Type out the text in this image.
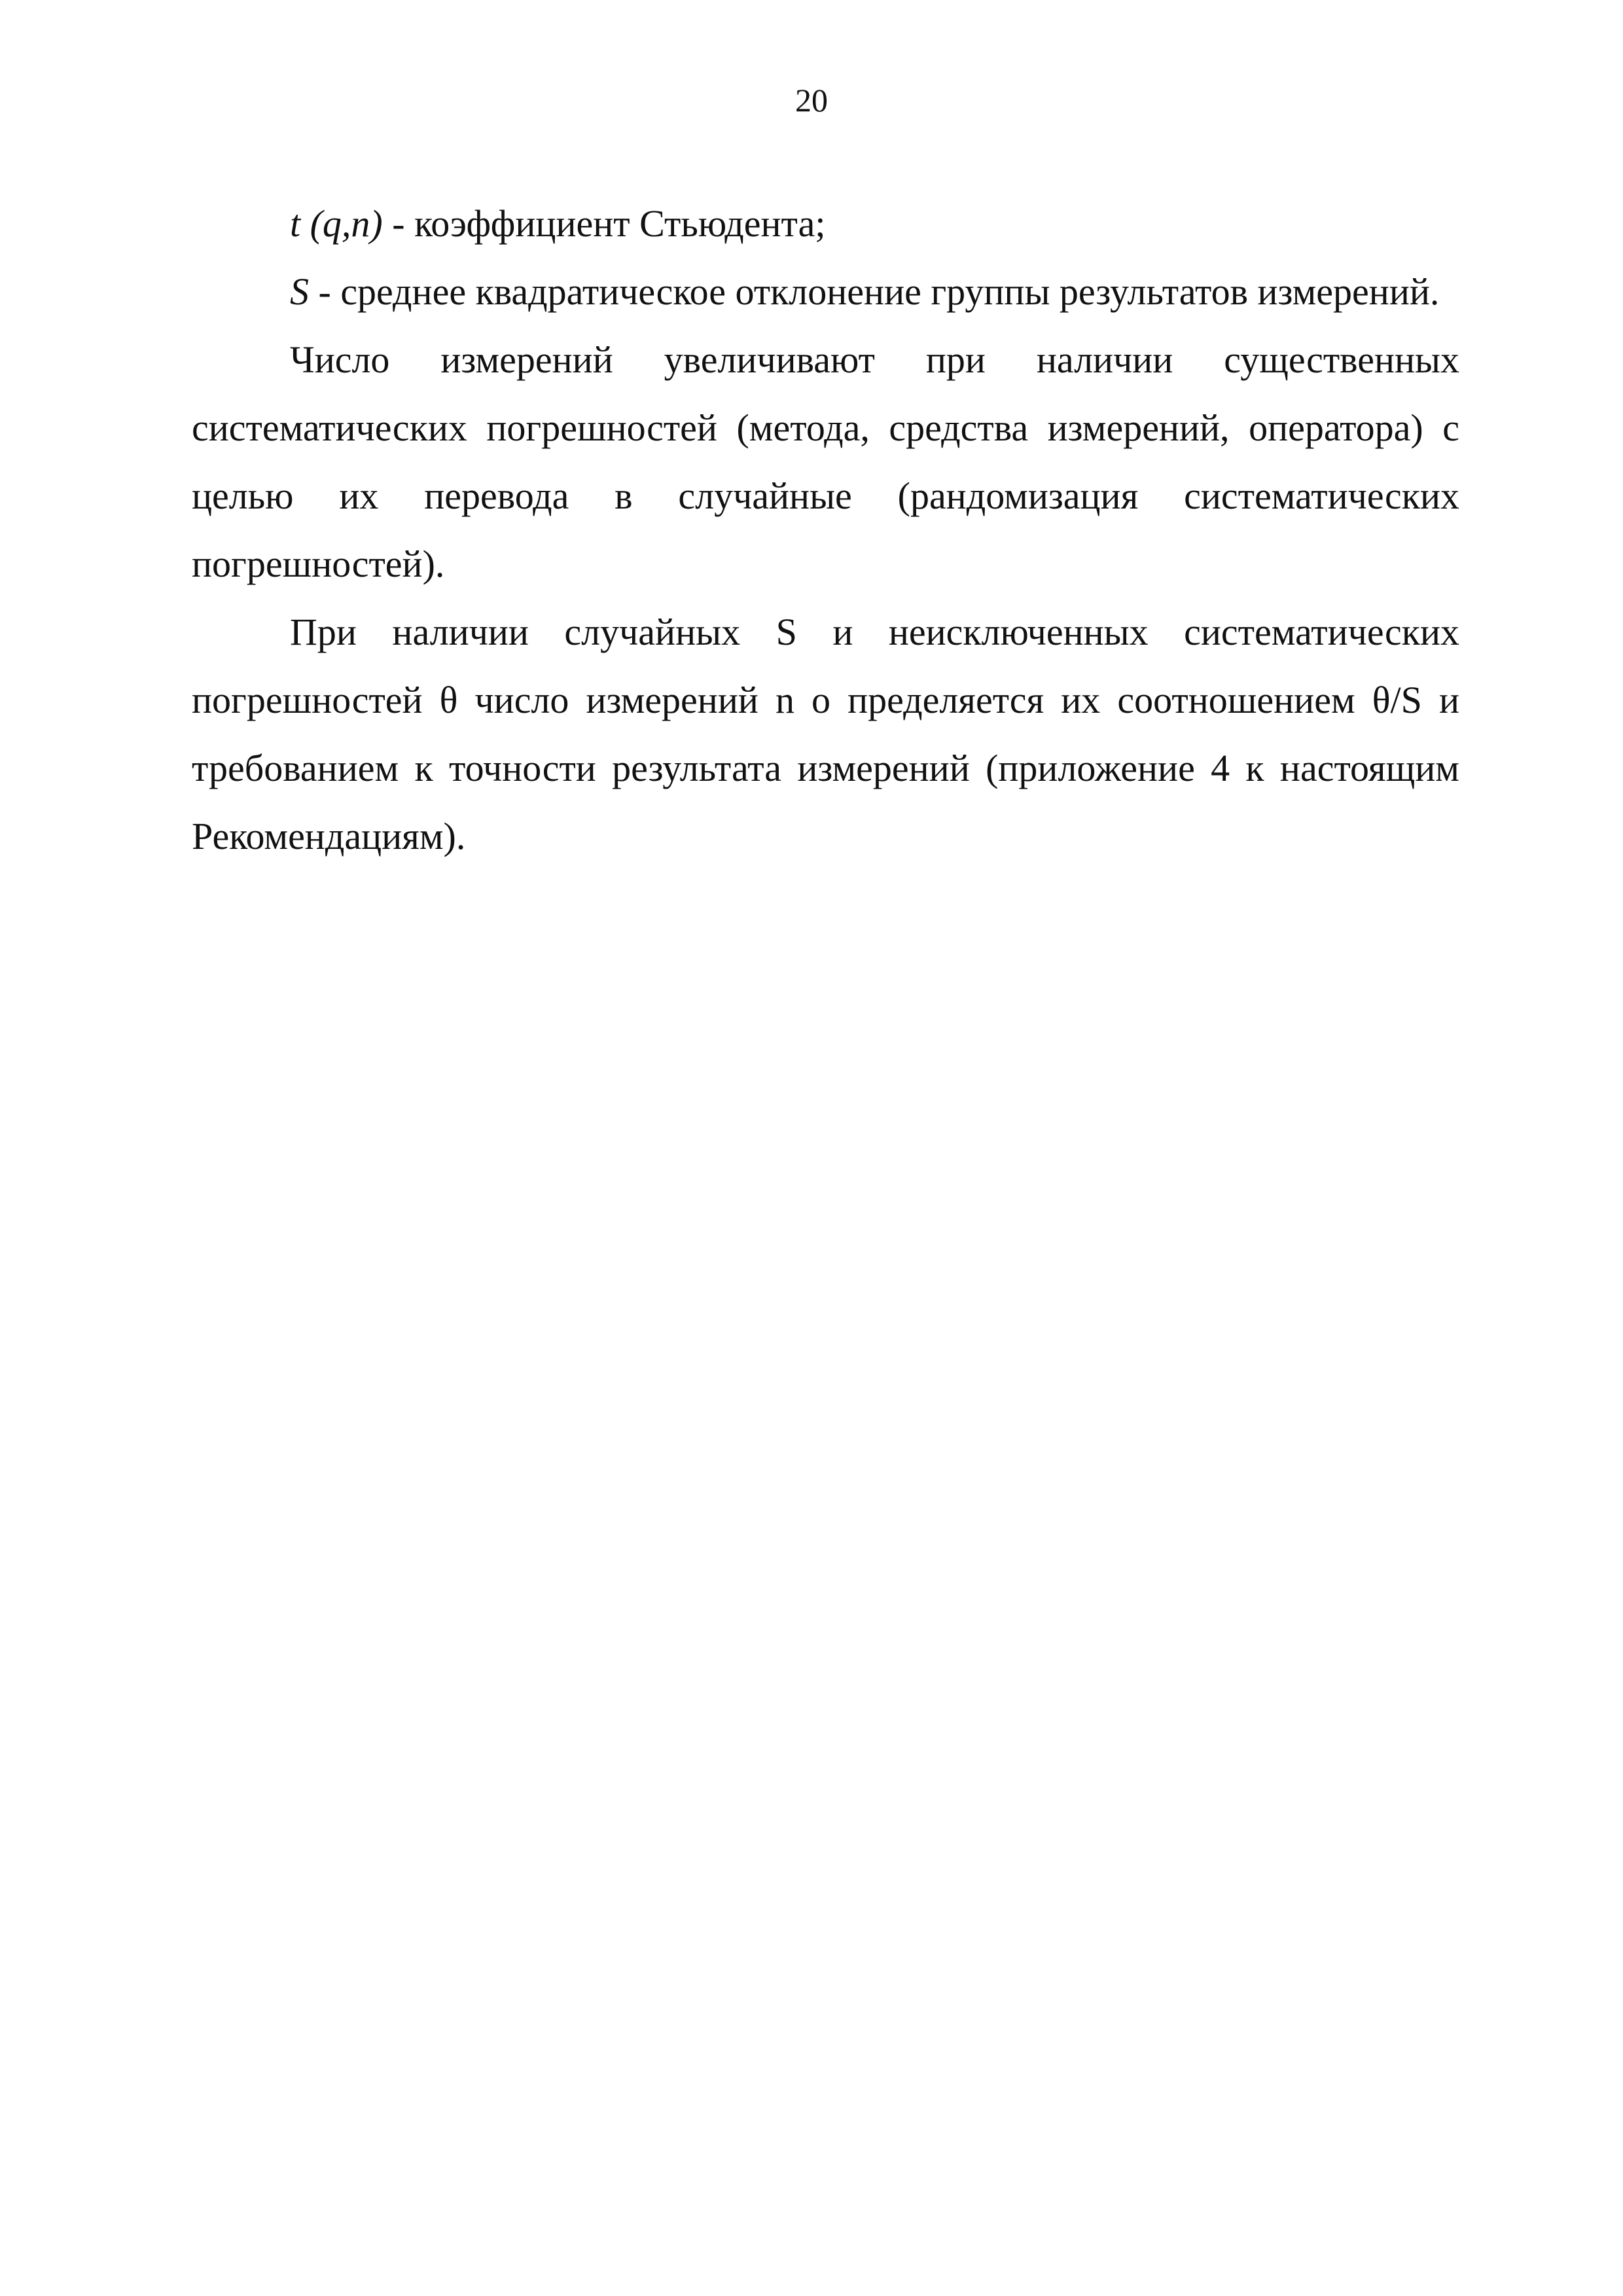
20

t (q,n) - коэффициент Стьюдента;

S - среднее квадратическое отклонение группы результатов измерений.

Число измерений увеличивают при наличии существенных систематических погрешностей (метода, средства измерений, оператора) с целью их перевода в случайные (рандомизация систематических погрешностей).

При наличии случайных S и неисключенных систематических погрешностей θ число измерений n о пределяется их соотношением θ/S и требованием к точности результата измерений (приложение 4 к настоящим Рекомендациям).
